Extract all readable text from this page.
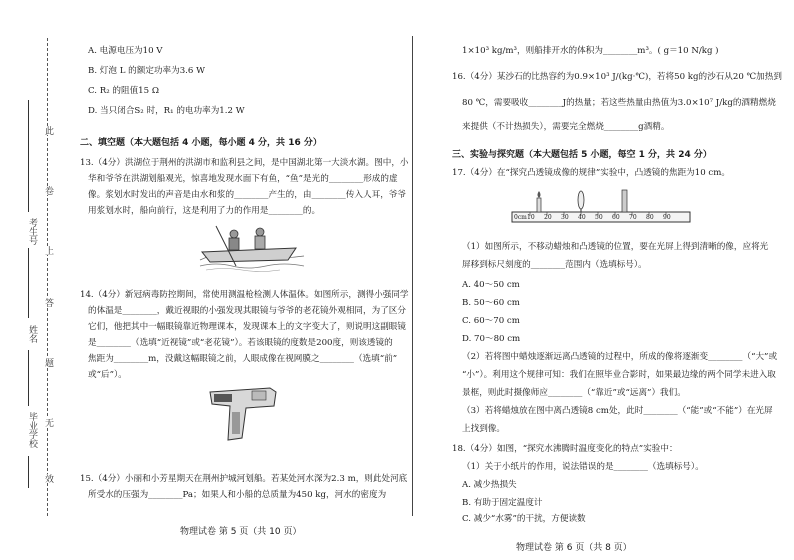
此
卷
上
答
题
无
效
考生号
姓名
毕业学校
A. 电源电压为10 V
B. 灯泡 L 的额定功率为3.6 W
C. R₂ 的阻值15 Ω
D. 当只闭合S₂ 时，R₁ 的电功率为1.2 W
二、填空题（本大题包括 4 小题，每小题 4 分，共 16 分）
13.（4分）洪湖位于荆州的洪湖市和监利县之间，是中国湖北第一大淡水湖。图中，小
华和爷爷在洪湖划船观光，惊喜地发现水面下有鱼，“鱼”是光的________形成的虚
像。浆划水时发出的声音是由水和浆的________产生的，由________传入人耳，爷爷
用浆划水时，船向前行，这是利用了力的作用是________的。
14.（4分）新冠病毒防控期间，常使用测温枪检测人体温体。如图所示，测得小强同学
的体温是________，戴近视眼的小强发现其眼镜与爷爷的老花镜外观相同，为了区分
它们，他把其中一幅眼镜靠近物理课本，发现课本上的文字变大了，则说明这副眼镜
是________（选填“近视镜”或“老花镜”）。若该眼镜的度数是200度，则该透镜的
焦距为________m，没戴这幅眼镜之前，人眼成像在视网膜之________（选填“前”
或“后”）。
15.（4分）小丽和小芳星期天在荆州护城河划船。若某处河水深为2.3 m，则此处河底
所受水的压强为________Pa；如果人和小船的总质量为450 kg，河水的密度为
物理试卷 第 5 页（共 10 页）
1×10³ kg/m³，则船排开水的体积为________m³。( g＝10 N/kg )
16.（4分）某沙石的比热容约为0.9×10³ J/(kg·℃)，若将50 kg的沙石从20 ℃加热到
80 ℃，需要吸收________J的热量；若这些热量由热值为3.0×10⁷ J/kg的酒精燃烧
来提供（不计热损失），需要完全燃烧________g酒精。
三、实验与探究题（本大题包括 5 小题，每空 1 分，共 24 分）
17.（4分）在“探究凸透镜成像的规律”实验中，凸透镜的焦距为10 cm。
0cm 10 20 30 40 50 60 70 80 90
（1）如图所示，不移动蜡烛和凸透镜的位置，要在光屏上得到清晰的像，应将光
屏移到标尺刻度的________范围内（选填标号）。
A. 40～50 cm
B. 50～60 cm
C. 60～70 cm
D. 70～80 cm
（2）若将图中蜡烛逐渐远离凸透镜的过程中，所成的像将逐渐变________（“大”或
“小”）。利用这个规律可知：我们在照毕业合影时，如果最边缘的两个同学未进入取
景框，则此时摄像师应________（“靠近”或“远离”）我们。
（3）若将蜡烛放在图中离凸透镜8 cm处，此时________（“能”或“不能”）在光屏
上找到像。
18.（4分）如图，“探究水沸腾时温度变化的特点”实验中：
（1）关于小纸片的作用，说法错误的是________（选填标号）。
A. 减少热损失
B. 有助于固定温度计
C. 减少“水雾”的干扰，方便读数
物理试卷 第 6 页（共 8 页）
